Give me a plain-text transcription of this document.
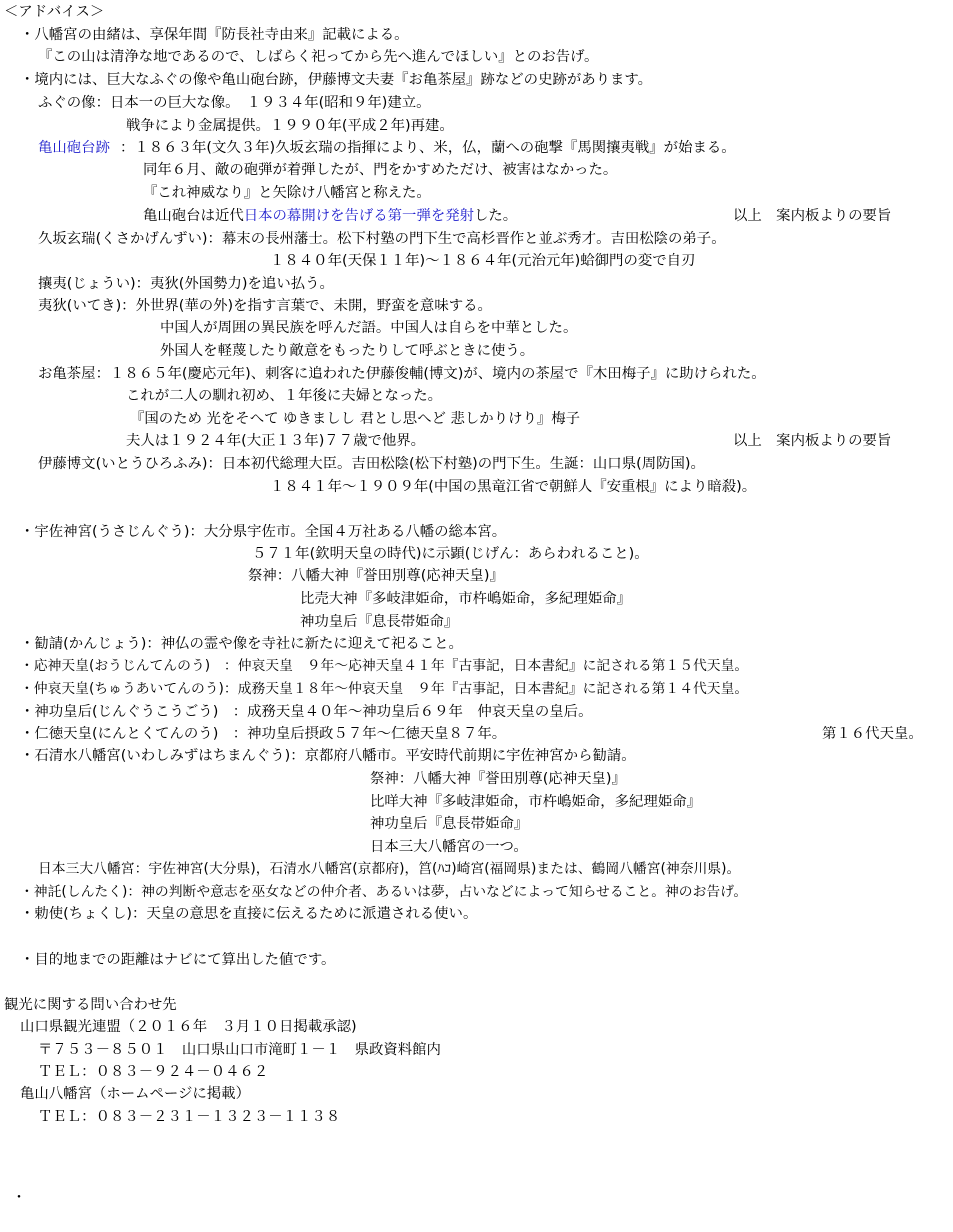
＜アドバイス＞
・八幡宮の由緒は、享保年間『防長社寺由来』記載による。
『この山は清浄な地であるので、しばらく祀ってから先へ進んでほしい』とのお告げ。
・境内には、巨大なふぐの像や亀山砲台跡，伊藤博文夫妻『お亀茶屋』跡などの史跡があります。
ふぐの像：日本一の巨大な像。　１９３４年(昭和９年)建立。
戦争により金属提供。１９９０年(平成２年)再建。
亀山砲台跡 ：１８６３年(文久３年)久坂玄瑞の指揮により、米，仏，蘭への砲撃『馬関攘夷戦』が始まる。
同年６月、敵の砲弾が着弾したが、門をかすめただけ、被害はなかった。
『これ神威なり』と矢除け八幡宮と称えた。
亀山砲台は近代日本の幕開けを告げる第一弾を発射した。	以上　案内板よりの要旨
久坂玄瑞(くさかげんずい)：幕末の長州藩士。松下村塾の門下生で高杉晋作と並ぶ秀才。吉田松陰の弟子。
１８４０年(天保１１年)～１８６４年(元治元年)蛤御門の変で自刃
攘夷(じょうい)：夷狄(外国勢力)を追い払う。
夷狄(いてき)：外世界(華の外)を指す言葉で、未開，野蛮を意味する。
中国人が周囲の異民族を呼んだ語。中国人は自らを中華とした。
外国人を軽蔑したり敵意をもったりして呼ぶときに使う。
お亀茶屋：１８６５年(慶応元年)、刺客に追われた伊藤俊輔(博文)が、境内の茶屋で『木田梅子』に助けられた。
これが二人の馴れ初め、１年後に夫婦となった。
『国のため 光をそへて ゆきましし 君とし思へど 悲しかりけり』梅子
夫人は１９２４年(大正１３年)７７歳で他界。	以上　案内板よりの要旨
伊藤博文(いとうひろふみ)：日本初代総理大臣。吉田松陰(松下村塾)の門下生。生誕：山口県(周防国)。
１８４１年～１９０９年(中国の黒竜江省で朝鮮人『安重根』により暗殺)。
・宇佐神宮(うさじんぐう)：大分県宇佐市。全国４万社ある八幡の総本宮。
５７１年(欽明天皇の時代)に示顕(じげん：あらわれること)。
祭神：八幡大神『誉田別尊(応神天皇)』
比売大神『多岐津姫命，市杵嶋姫命，多紀理姫命』
神功皇后『息長帯姫命』
・勧請(かんじょう)：神仏の霊や像を寺社に新たに迎えて祀ること。
・応神天皇(おうじんてんのう)　：仲哀天皇　９年～応神天皇４１年『古事記，日本書紀』に記される第１５代天皇。
・仲哀天皇(ちゅうあいてんのう)：成務天皇１８年～仲哀天皇　９年『古事記，日本書紀』に記される第１４代天皇。
・神功皇后(じんぐうこうごう)　：成務天皇４０年～神功皇后６９年　仲哀天皇の皇后。
・仁徳天皇(にんとくてんのう)　：神功皇后摂政５７年～仁徳天皇８７年。	第１６代天皇。
・石清水八幡宮(いわしみずはちまんぐう)：京都府八幡市。平安時代前期に宇佐神宮から勧請。
祭神：八幡大神『誉田別尊(応神天皇)』
比咩大神『多岐津姫命，市杵嶋姫命，多紀理姫命』
神功皇后『息長帯姫命』
日本三大八幡宮の一つ。
日本三大八幡宮：宇佐神宮(大分県)，石清水八幡宮(京都府)，筥(ﾊｺ)崎宮(福岡県)または、鶴岡八幡宮(神奈川県)。
・神託(しんたく)：神の判断や意志を巫女などの仲介者、あるいは夢，占いなどによって知らせること。神のお告げ。
・勅使(ちょくし)：天皇の意思を直接に伝えるために派遣される使い。
・目的地までの距離はナビにて算出した値です。
観光に関する問い合わせ先
山口県観光連盟（２０１６年　３月１０日掲載承認)
〒７５３－８５０１　山口県山口市滝町１－１　県政資料館内
ＴＥＬ：０８３－９２４－０４６２
亀山八幡宮（ホームページに掲載）
ＴＥＬ：０８３－２３１－１３２３－１１３８
・
